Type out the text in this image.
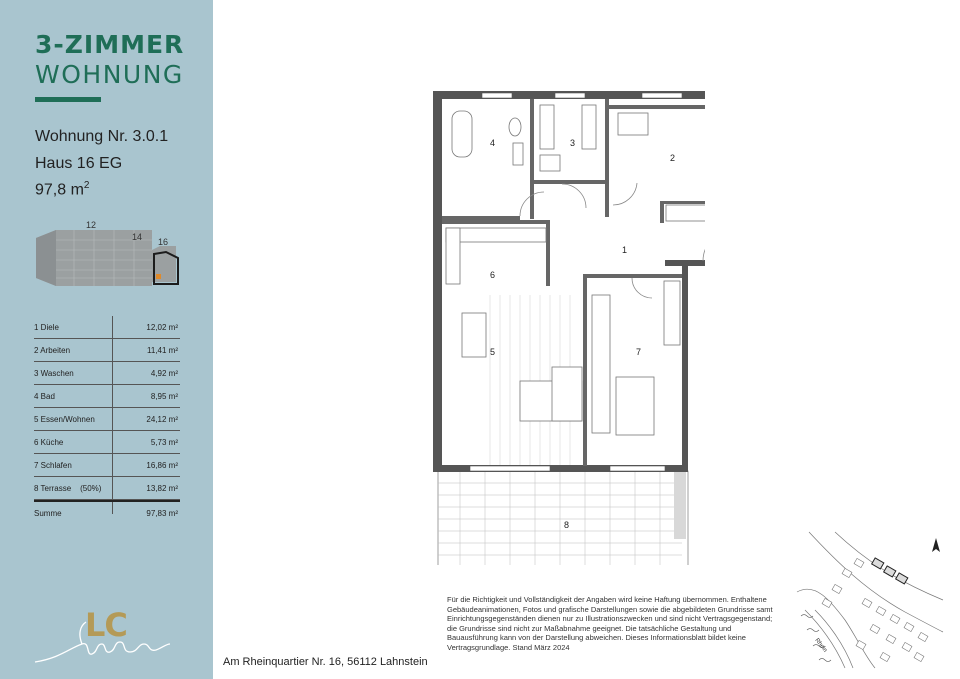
3-ZIMMER
WOHNUNG
Wohnung Nr. 3.0.1
Haus 16 EG
97,8 $m^2$
12
14 16
1 Diele	12,02 m²
2 Arbeiten	11,41 m²
3 Waschen	4,92 m²
4 Bad	8,95 m²
5 Essen/Wohnen	24,12 m²
6 Küche	5,73 m²
7 Schlafen	16,86 m²
8 Terrasse    (50%)	13,82 m²
Summe	97,83 m²
LC
1
2
3
4
5
6
7
8
Für die Richtigkeit und Vollständigkeit der Angaben wird keine Haftung übernommen. Enthaltene Gebäudeanimationen, Fotos und grafische Darstellungen sowie die abgebildeten Grundrisse samt Einrichtungsgegenständen dienen nur zu Illustrationszwecken und sind nicht Vertragsgegenstand; die Grundrisse sind nicht zur Maßabnahme geeignet. Die tatsächliche Gestaltung und Bauausführung kann von der Darstellung abweichen. Dieses Informationsblatt bildet keine Vertragsgrundlage. Stand März 2024
Am Rheinquartier Nr. 16, 56112 Lahnstein
Rhein
